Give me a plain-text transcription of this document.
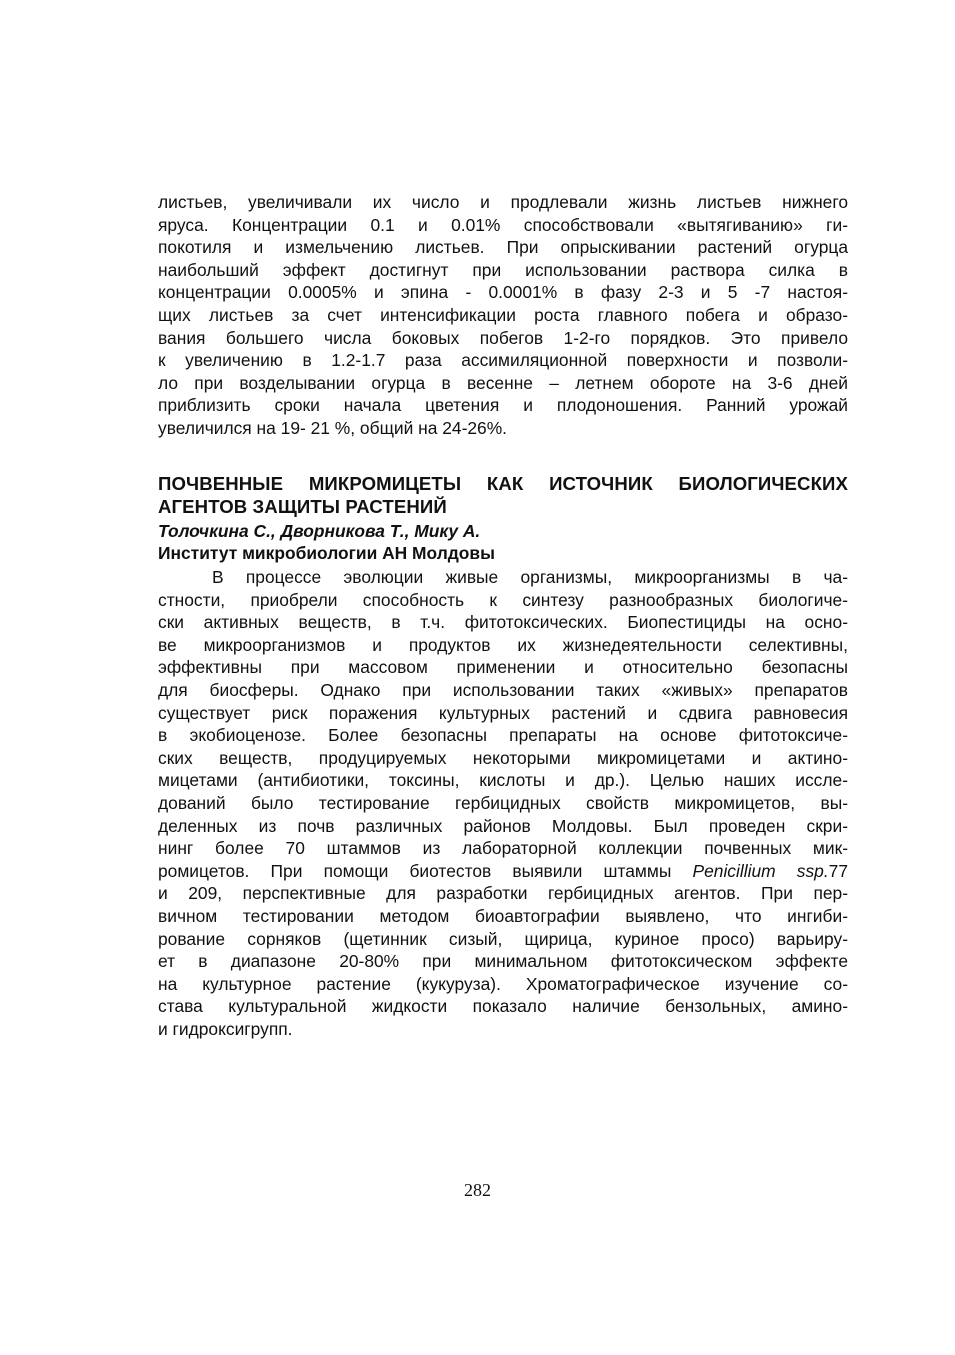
листьев, увеличивали их число и продлевали жизнь листьев нижнего
яруса. Концентрации 0.1 и 0.01% способствовали «вытягиванию» ги-
покотиля и измельчению листьев. При опрыскивании растений огурца
наибольший эффект достигнут при использовании раствора силка в
концентрации 0.0005% и эпина - 0.0001% в фазу 2-3 и 5 -7 настоя-
щих листьев за счет интенсификации роста главного побега и образо-
вания большего числа боковых побегов 1-2-го порядков. Это привело
к увеличению в 1.2-1.7 раза ассимиляционной поверхности и позволи-
ло при возделывании огурца в весенне – летнем обороте на 3-6 дней
приблизить сроки начала цветения и плодоношения. Ранний урожай
увеличился на 19- 21 %, общий на 24-26%.
ПОЧВЕННЫЕ МИКРОМИЦЕТЫ КАК ИСТОЧНИК БИОЛОГИЧЕСКИХ
АГЕНТОВ ЗАЩИТЫ РАСТЕНИЙ
Толочкина С., Дворникова Т., Мику А.
Институт микробиологии АН Молдовы
В процессе эволюции живые организмы, микроорганизмы в ча-
стности, приобрели способность к синтезу разнообразных биологиче-
ски активных веществ, в т.ч. фитотоксических. Биопестициды на осно-
ве микроорганизмов и продуктов их жизнедеятельности селективны,
эффективны при массовом применении и относительно безопасны
для биосферы. Однако при использовании таких «живых» препаратов
существует риск поражения культурных растений и сдвига равновесия
в экобиоценозе. Более безопасны препараты на основе фитотоксиче-
ских веществ, продуцируемых некоторыми микромицетами и актино-
мицетами (антибиотики, токсины, кислоты и др.). Целью наших иссле-
дований было тестирование гербицидных свойств микромицетов, вы-
деленных из почв различных районов Молдовы. Был проведен скри-
нинг более 70 штаммов из лабораторной коллекции почвенных мик-
ромицетов. При помощи биотестов выявили штаммы Penicillium ssp.77
и 209, перспективные для разработки гербицидных агентов. При пер-
вичном тестировании методом биоавтографии выявлено, что ингиби-
рование сорняков (щетинник сизый, щирица, куриное просо) варьиру-
ет в диапазоне 20-80% при минимальном фитотоксическом эффекте
на культурное растение (кукуруза). Хроматографическое изучение со-
става культуральной жидкости показало наличие бензольных, амино-
и гидроксигрупп.
282
